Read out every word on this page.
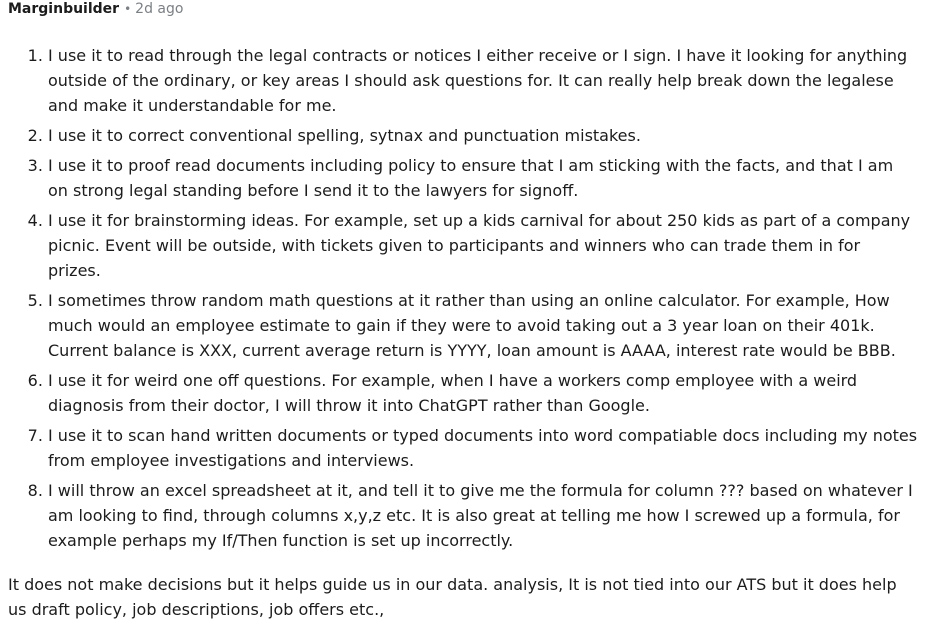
Marginbuilder • 2d ago
1. I use it to read through the legal contracts or notices I either receive or I sign. I have it looking for anything outside of the ordinary, or key areas I should ask questions for. It can really help break down the legalese and make it understandable for me.
2. I use it to correct conventional spelling, sytnax and punctuation mistakes.
3. I use it to proof read documents including policy to ensure that I am sticking with the facts, and that I am on strong legal standing before I send it to the lawyers for signoff.
4. I use it for brainstorming ideas. For example, set up a kids carnival for about 250 kids as part of a company picnic. Event will be outside, with tickets given to participants and winners who can trade them in for prizes.
5. I sometimes throw random math questions at it rather than using an online calculator. For example, How much would an employee estimate to gain if they were to avoid taking out a 3 year loan on their 401k. Current balance is XXX, current average return is YYYY, loan amount is AAAA, interest rate would be BBB.
6. I use it for weird one off questions. For example, when I have a workers comp employee with a weird diagnosis from their doctor, I will throw it into ChatGPT rather than Google.
7. I use it to scan hand written documents or typed documents into word compatiable docs including my notes from employee investigations and interviews.
8. I will throw an excel spreadsheet at it, and tell it to give me the formula for column ??? based on whatever I am looking to find, through columns x,y,z etc. It is also great at telling me how I screwed up a formula, for example perhaps my If/Then function is set up incorrectly.

It does not make decisions but it helps guide us in our data. analysis, It is not tied into our ATS but it does help us draft policy, job descriptions, job offers etc.,
